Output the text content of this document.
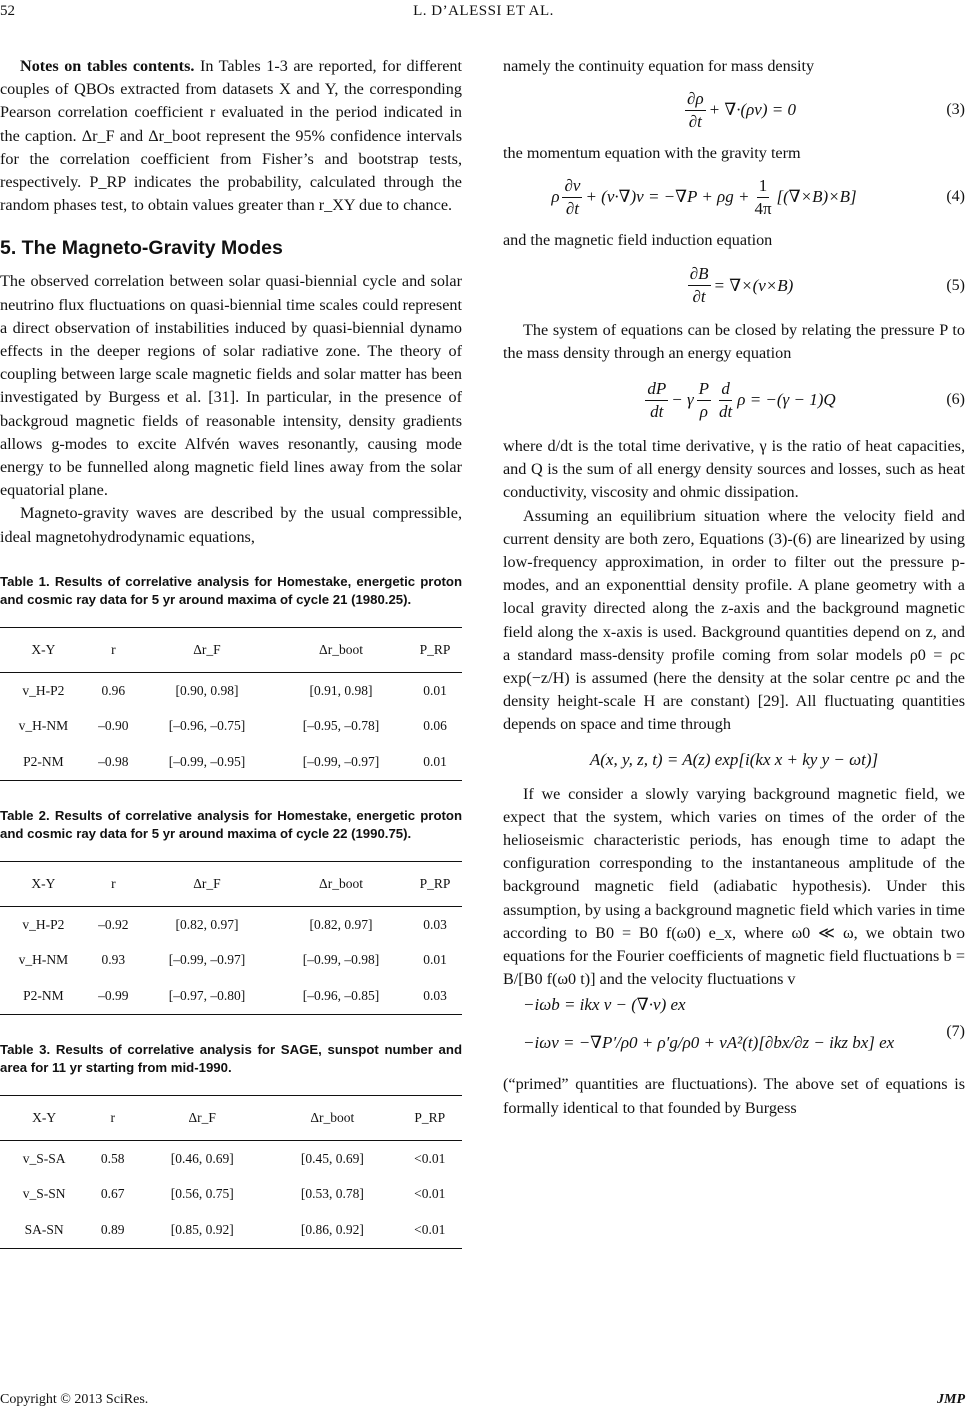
52	L. D’ALESSI ET AL.

Notes on tables contents. In Tables 1-3 are reported, for different couples of QBOs extracted from datasets X and Y, the corresponding Pearson correlation coefficient r evaluated in the period indicated in the caption. Δr_F and Δr_boot represent the 95% confidence intervals for the correlation coefficient from Fisher’s and bootstrap tests, respectively. P_RP indicates the probability, calculated through the random phases test, to obtain values greater than r_XY due to chance.

5. The Magneto-Gravity Modes

The observed correlation between solar quasi-biennial cycle and solar neutrino flux fluctuations on quasi-biennial time scales could represent a direct observation of instabilities induced by quasi-biennial dynamo effects in the deeper regions of solar radiative zone. The theory of coupling between large scale magnetic fields and solar matter has been investigated by Burgess et al. [31]. In particular, in the presence of backgroud magnetic fields of reasonable intensity, density gradients allows g-modes to excite Alfvén waves resonantly, causing mode energy to be funnelled along magnetic field lines away from the solar equatorial plane.

Magneto-gravity waves are described by the usual compressible, ideal magnetohydrodynamic equations,

Table 1. Results of correlative analysis for Homestake, energetic proton and cosmic ray data for 5 yr around maxima of cycle 21 (1980.25).
X-Y	r	Δr_F	Δr_boot	P_RP
v_H-P2	0.96	[0.90, 0.98]	[0.91, 0.98]	0.01
v_H-NM	–0.90	[–0.96, –0.75]	[–0.95, –0.78]	0.06
P2-NM	–0.98	[–0.99, –0.95]	[–0.99, –0.97]	0.01
Table 2. Results of correlative analysis for Homestake, energetic proton and cosmic ray data for 5 yr around maxima of cycle 22 (1990.75).
X-Y	r	Δr_F	Δr_boot	P_RP
v_H-P2	–0.92	[0.82, 0.97]	[0.82, 0.97]	0.03
v_H-NM	0.93	[–0.99, –0.97]	[–0.99, –0.98]	0.01
P2-NM	–0.99	[–0.97, –0.80]	[–0.96, –0.85]	0.03
Table 3. Results of correlative analysis for SAGE, sunspot number and area for 11 yr starting from mid-1990.
X-Y	r	Δr_F	Δr_boot	P_RP
v_S-SA	0.58	[0.46, 0.69]	[0.45, 0.69]	<0.01
v_S-SN	0.67	[0.56, 0.75]	[0.53, 0.78]	<0.01
SA-SN	0.89	[0.85, 0.92]	[0.86, 0.92]	<0.01

namely the continuity equation for mass density

$\frac{\partial\rho}{\partial t} + \nabla\cdot(\rho v) = 0$	(3)

the momentum equation with the gravity term

ρ $\frac{\partial v}{\partial t} + (v\cdot\nabla)v = -\nabla P + \rho g + \frac{1}{4\pi} [(\nabla\times B)\times B]$	(4)

and the magnetic field induction equation

$\frac{\partial B}{\partial t} = \nabla\times(v\times B)$	(5)

The system of equations can be closed by relating the pressure P to the mass density through an energy equation

$\frac{dP}{dt} - \gamma \frac{P}{\rho} \frac{d}{dt}$ ρ = −(γ − 1)Q	(6)

where d/dt is the total time derivative, γ is the ratio of heat capacities, and Q is the sum of all energy density sources and losses, such as heat conductivity, viscosity and ohmic dissipation.

Assuming an equilibrium situation where the velocity field and current density are both zero, Equations (3)-(6) are linearized by using low-frequency approximation, in order to filter out the pressure p-modes, and an exponenttial density profile. A plane geometry with a local gravity directed along the z-axis and the background magnetic field along the x-axis is used. Background quantities depend on z, and a standard mass-density profile coming from solar models ρ0 = ρc exp(−z/H) is assumed (here the density at the solar centre ρc and the density height-scale H are constant) [29]. All fluctuating quantities depends on space and time through

A(x, y, z, t) = A(z) exp[i(kx x + ky y − ωt)]

If we consider a slowly varying background magnetic field, we expect that the system, which varies on times of the order of the helioseismic characteristic periods, has enough time to adapt the configuration corresponding to the instantaneous amplitude of the background magnetic field (adiabatic hypothesis). Under this assumption, by using a background magnetic field which varies in time according to B0 = B0 f(ω0) e_x, where ω0 ≪ ω, we obtain two equations for the Fourier coefficients of magnetic field fluctuations b = B/[B0 f(ω0 t)] and the velocity fluctuations v

−iωb = ikx v − (∇·v) ex
−iωv = −∇P′/ρ0 + ρ′g/ρ0 + vA²(t)[∂bx/∂z − ikz bx] ex
(7)

(“primed” quantities are fluctuations). The above set of equations is formally identical to that founded by Burgess

Copyright © 2013 SciRes.	JMP
